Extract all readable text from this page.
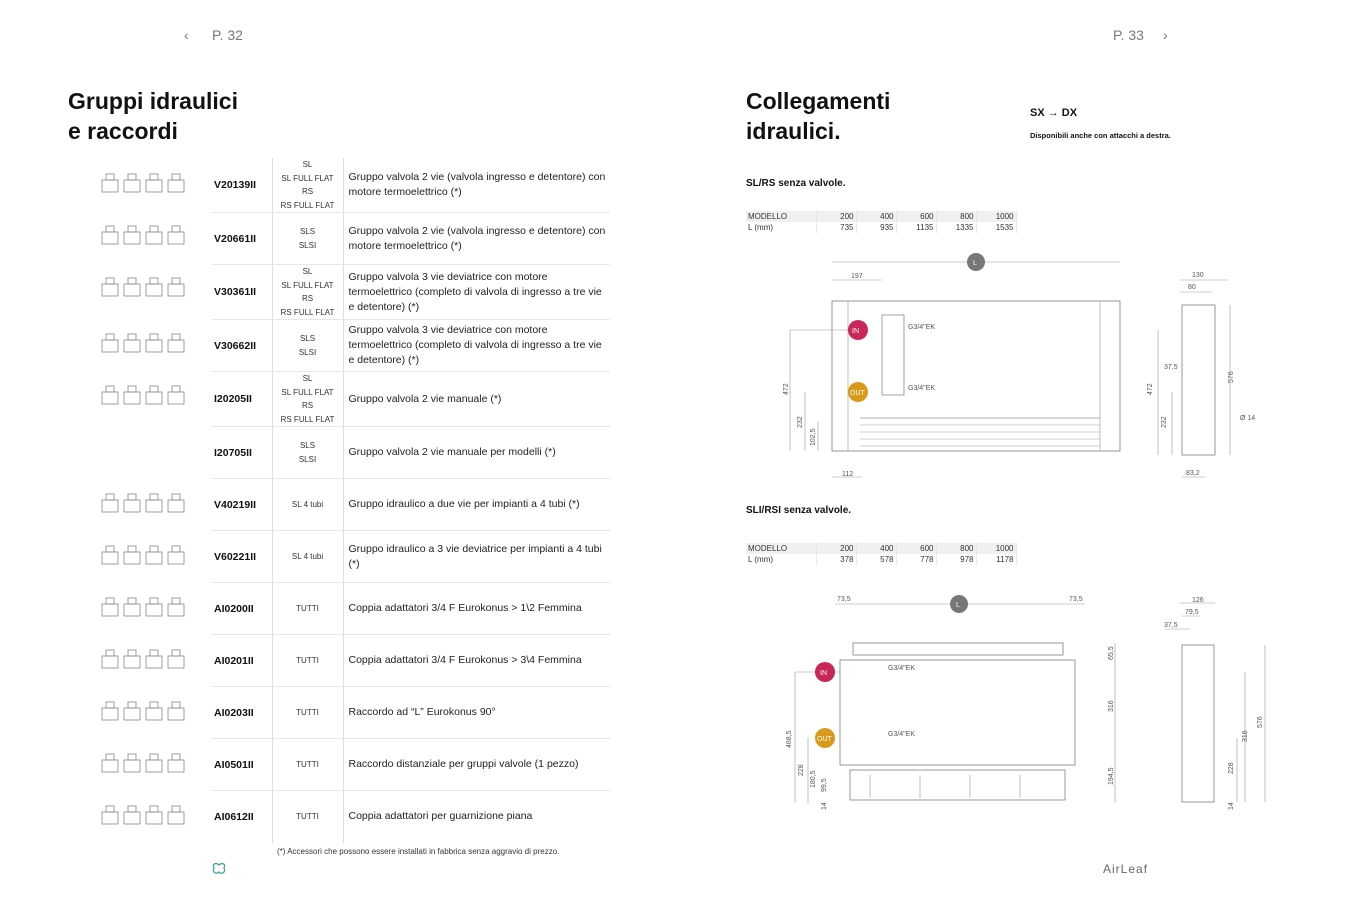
‹ P. 32	P. 33 ›
Gruppi idraulici
e raccordi
V20139II	SL
SL FULL FLAT
RS
RS FULL FLAT	Gruppo valvola 2 vie (valvola ingresso e detentore) con motore termoelettrico (*)
V20661II	SLS
SLSI	Gruppo valvola 2 vie (valvola ingresso e detentore) con motore termoelettrico (*)
V30361II	SL
SL FULL FLAT
RS
RS FULL FLAT	Gruppo valvola 3 vie deviatrice con motore termoelettrico (completo di valvola di ingresso a tre vie e detentore) (*)
V30662II	SLS
SLSI	Gruppo valvola 3 vie deviatrice con motore termoelettrico (completo di valvola di ingresso a tre vie e detentore) (*)
I20205II	SL
SL FULL FLAT
RS
RS FULL FLAT	Gruppo valvola 2 vie manuale (*)
I20705II	SLS
SLSI	Gruppo valvola 2 vie manuale per modelli (*)
V40219II	SL 4 tubi	Gruppo idraulico a due vie per impianti a 4 tubi (*)
V60221II	SL 4 tubi	Gruppo idraulico a 3 vie deviatrice per impianti a 4 tubi (*)
AI0200II	TUTTI	Coppia adattatori 3/4 F Eurokonus > 1\2 Femmina
AI0201II	TUTTI	Coppia adattatori 3/4 F Eurokonus > 3\4 Femmina
AI0203II	TUTTI	Raccordo ad “L” Eurokonus 90°
AI0501II	TUTTI	Raccordo distanziale per gruppi valvole (1 pezzo)
AI0612II	TUTTI	Coppia adattatori per guarnizione piana
(*) Accessori che possono essere installati in fabbrica senza aggravio di prezzo.
Collegamenti
idraulici.
SX → DX
Disponibili anche con attacchi a destra.
SL/RS senza valvole.
MODELLO	200	400	600	800	1000
L (mm)	735	935	1135	1335	1535
SLI/RSI senza valvole.
MODELLO	200	400	600	800	1000
L (mm)	378	578	778	978	1178
L
197
112
G3/4"EK
G3/4"EK
472
232
102,5
IN
OUT
130
80
37,5
576
472
232
83,2
Ø 14
L
73,5	73,5
G3/4"EK
G3/4"EK
65,5
316
194,5
468,5
228
180,5 99,5
14
IN
OUT
126
79,5
37,5
576
316
228
14
AirLeaf
